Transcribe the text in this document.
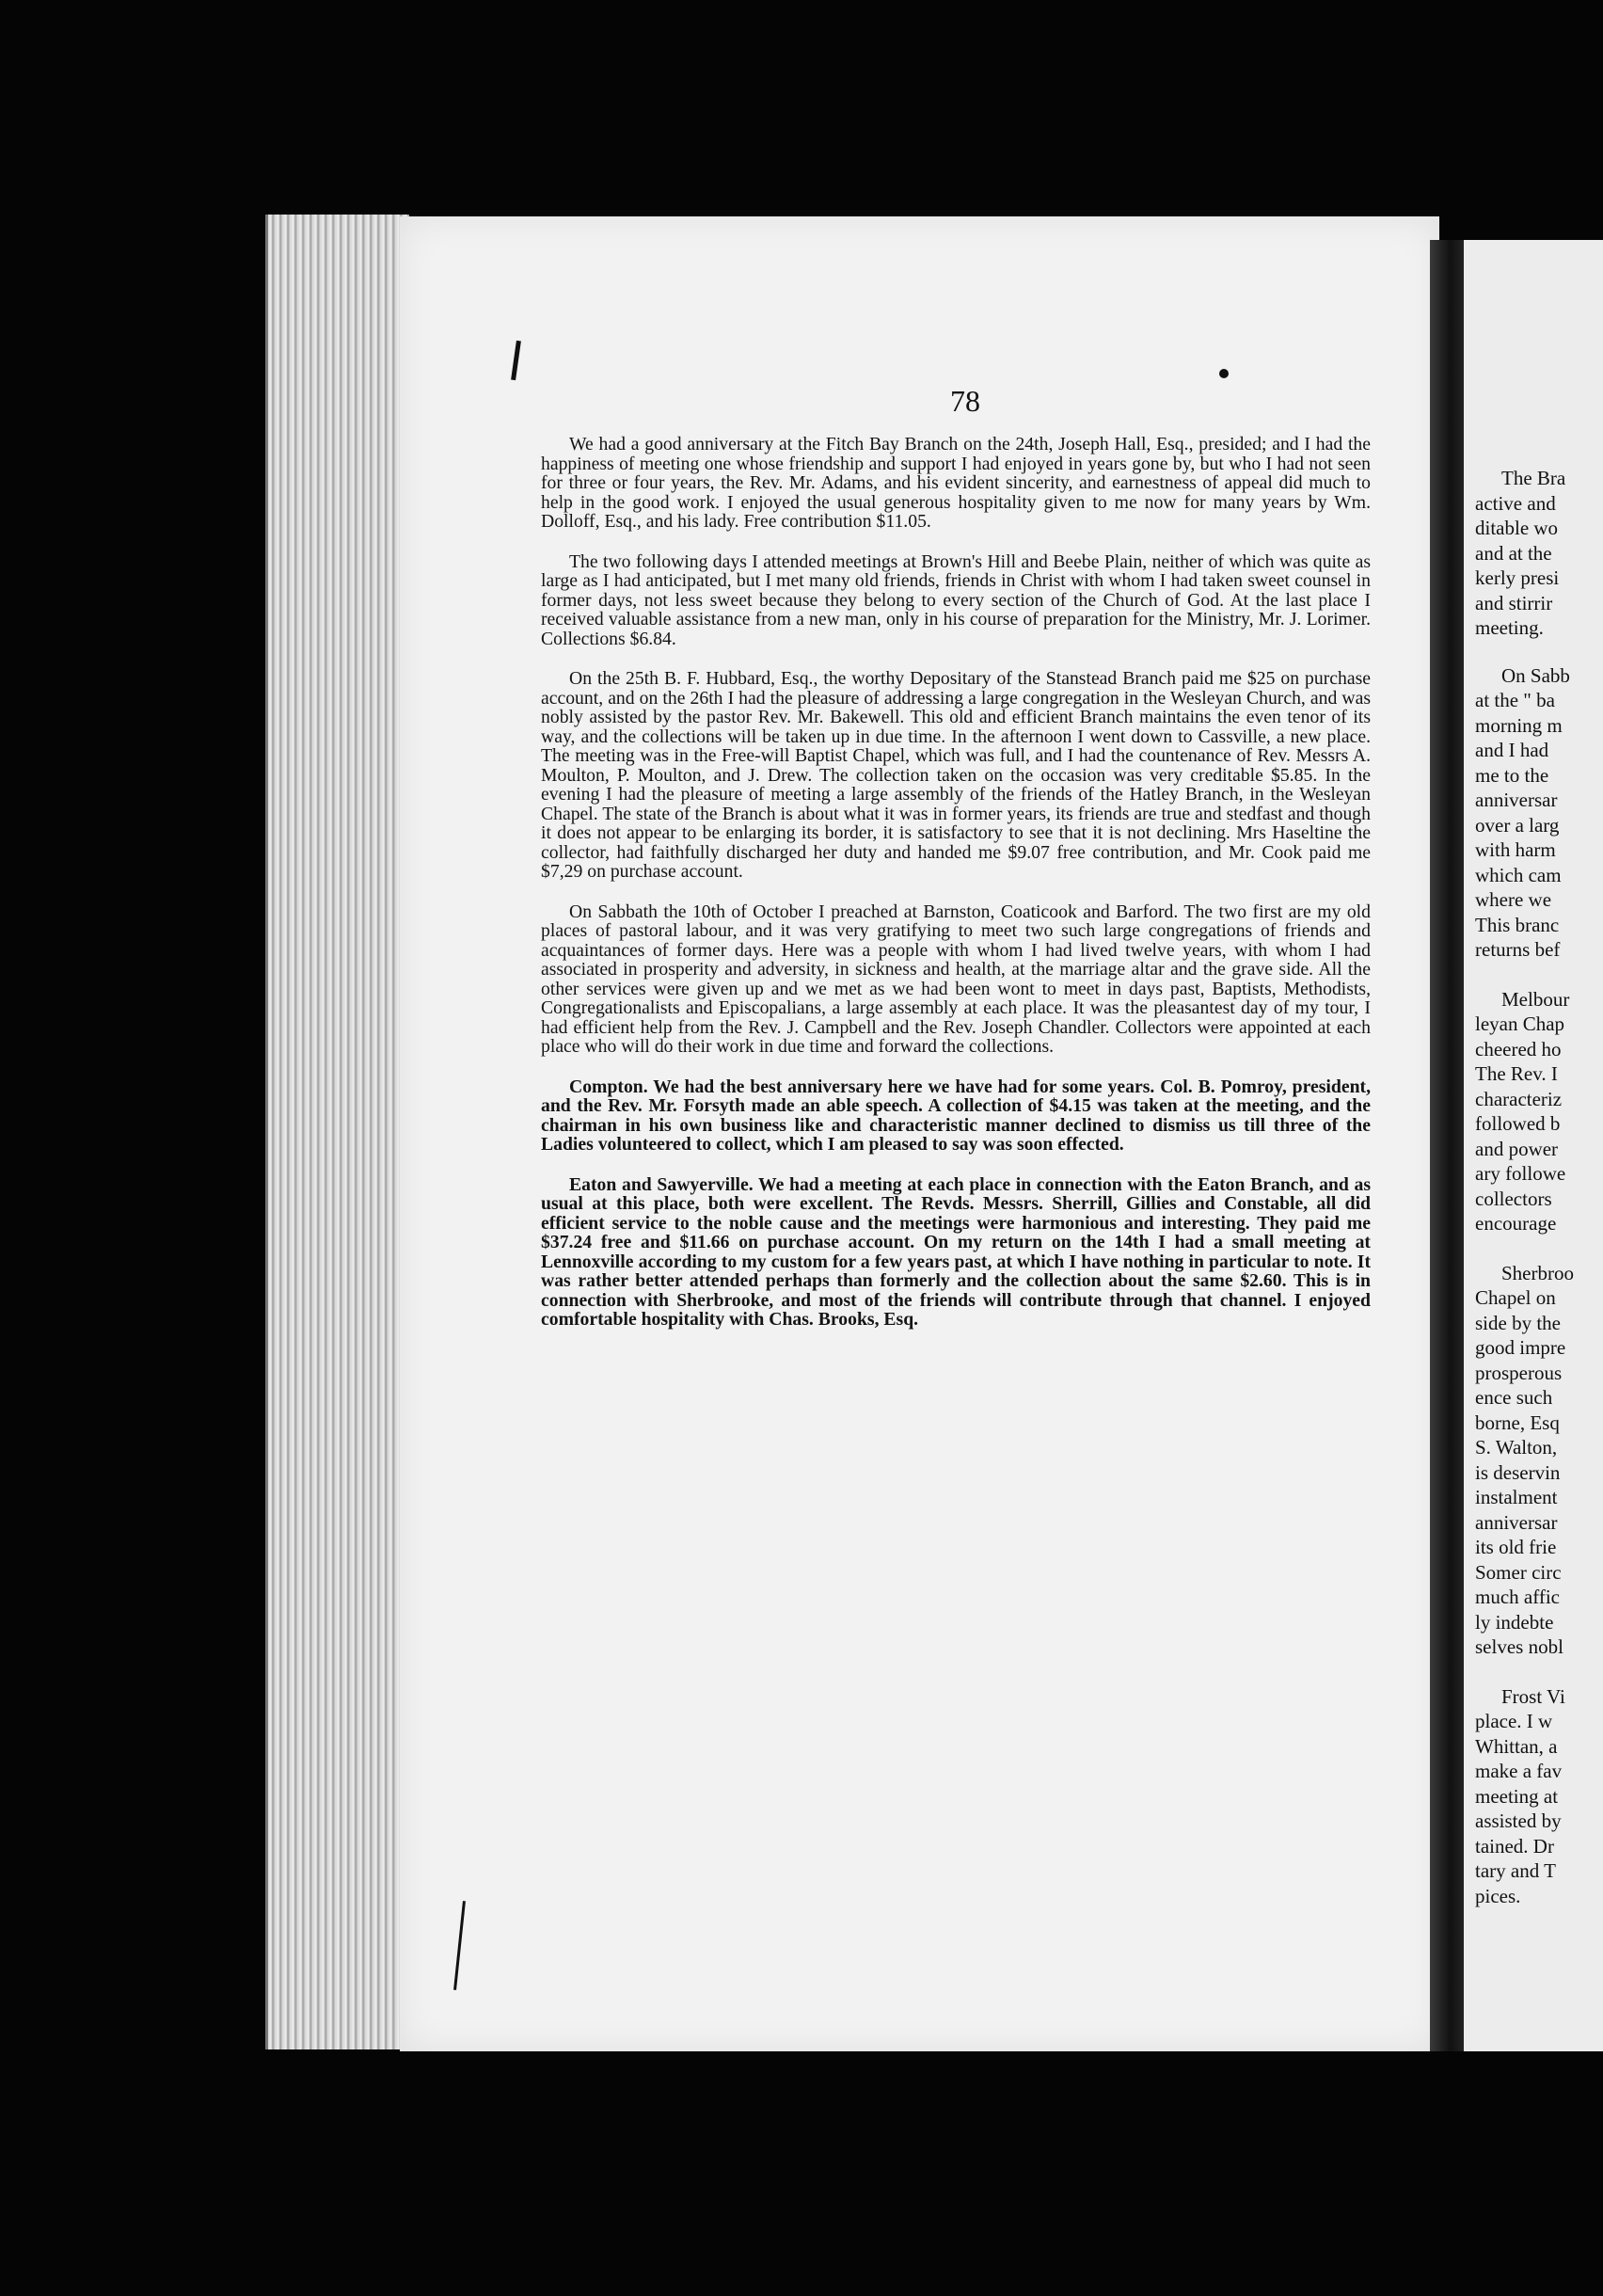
The Bra
active and
ditable wo
and at the
kerly presi
and stirrir
meeting.
On Sabb
at the " ba
morning m
and I had
me to the
anniversar
over a larg
with harm
which cam
where we
This branc
returns bef
Melbour
leyan Chap
cheered ho
The Rev. I
characteriz
followed b
and power
ary followe
collectors
encourage
Sherbroo
Chapel on
side by the
good impre
prosperous
ence such
borne, Esq
S. Walton,
is deservin
instalment
anniversar
its old frie
Somer circ
much affic
ly indebte
selves nobl
Frost Vi
place. I w
Whittan, a
make a fav
meeting at
assisted by
tained. Dr
tary and T
pices.
78

We had a good anniversary at the Fitch Bay Branch on the 24th, Joseph Hall, Esq., presided; and I had the happiness of meeting one whose friendship and support I had enjoyed in years gone by, but who I had not seen for three or four years, the Rev. Mr. Adams, and his evident sincerity, and earnestness of appeal did much to help in the good work. I enjoyed the usual generous hospitality given to me now for many years by Wm. Dolloff, Esq., and his lady. Free contribution $11.05.

The two following days I attended meetings at Brown's Hill and Beebe Plain, neither of which was quite as large as I had anticipated, but I met many old friends, friends in Christ with whom I had taken sweet counsel in former days, not less sweet because they belong to every section of the Church of God. At the last place I received valuable assistance from a new man, only in his course of preparation for the Ministry, Mr. J. Lorimer. Collections $6.84.

On the 25th B. F. Hubbard, Esq., the worthy Depositary of the Stanstead Branch paid me $25 on purchase account, and on the 26th I had the pleasure of addressing a large congregation in the Wesleyan Church, and was nobly assisted by the pastor Rev. Mr. Bakewell. This old and efficient Branch maintains the even tenor of its way, and the collections will be taken up in due time. In the afternoon I went down to Cassville, a new place. The meeting was in the Free-will Baptist Chapel, which was full, and I had the countenance of Rev. Messrs A. Moulton, P. Moulton, and J. Drew. The collection taken on the occasion was very creditable $5.85. In the evening I had the pleasure of meeting a large assembly of the friends of the Hatley Branch, in the Wesleyan Chapel. The state of the Branch is about what it was in former years, its friends are true and stedfast and though it does not appear to be enlarging its border, it is satisfactory to see that it is not declining. Mrs Haseltine the collector, had faithfully discharged her duty and handed me $9.07 free contribution, and Mr. Cook paid me $7,29 on purchase account.

On Sabbath the 10th of October I preached at Barnston, Coaticook and Barford. The two first are my old places of pastoral labour, and it was very gratifying to meet two such large congregations of friends and acquaintances of former days. Here was a people with whom I had lived twelve years, with whom I had associated in prosperity and adversity, in sickness and health, at the marriage altar and the grave side. All the other services were given up and we met as we had been wont to meet in days past, Baptists, Methodists, Congregationalists and Episcopalians, a large assembly at each place. It was the pleasantest day of my tour, I had efficient help from the Rev. J. Campbell and the Rev. Joseph Chandler. Collectors were appointed at each place who will do their work in due time and forward the collections.

Compton. We had the best anniversary here we have had for some years. Col. B. Pomroy, president, and the Rev. Mr. Forsyth made an able speech. A collection of $4.15 was taken at the meeting, and the chairman in his own business like and characteristic manner declined to dismiss us till three of the Ladies volunteered to collect, which I am pleased to say was soon effected.

Eaton and Sawyerville. We had a meeting at each place in connection with the Eaton Branch, and as usual at this place, both were excellent. The Revds. Messrs. Sherrill, Gillies and Constable, all did efficient service to the noble cause and the meetings were harmonious and interesting. They paid me $37.24 free and $11.66 on purchase account. On my return on the 14th I had a small meeting at Lennoxville according to my custom for a few years past, at which I have nothing in particular to note. It was rather better attended perhaps than formerly and the collection about the same $2.60. This is in connection with Sherbrooke, and most of the friends will contribute through that channel. I enjoyed comfortable hospitality with Chas. Brooks, Esq.
